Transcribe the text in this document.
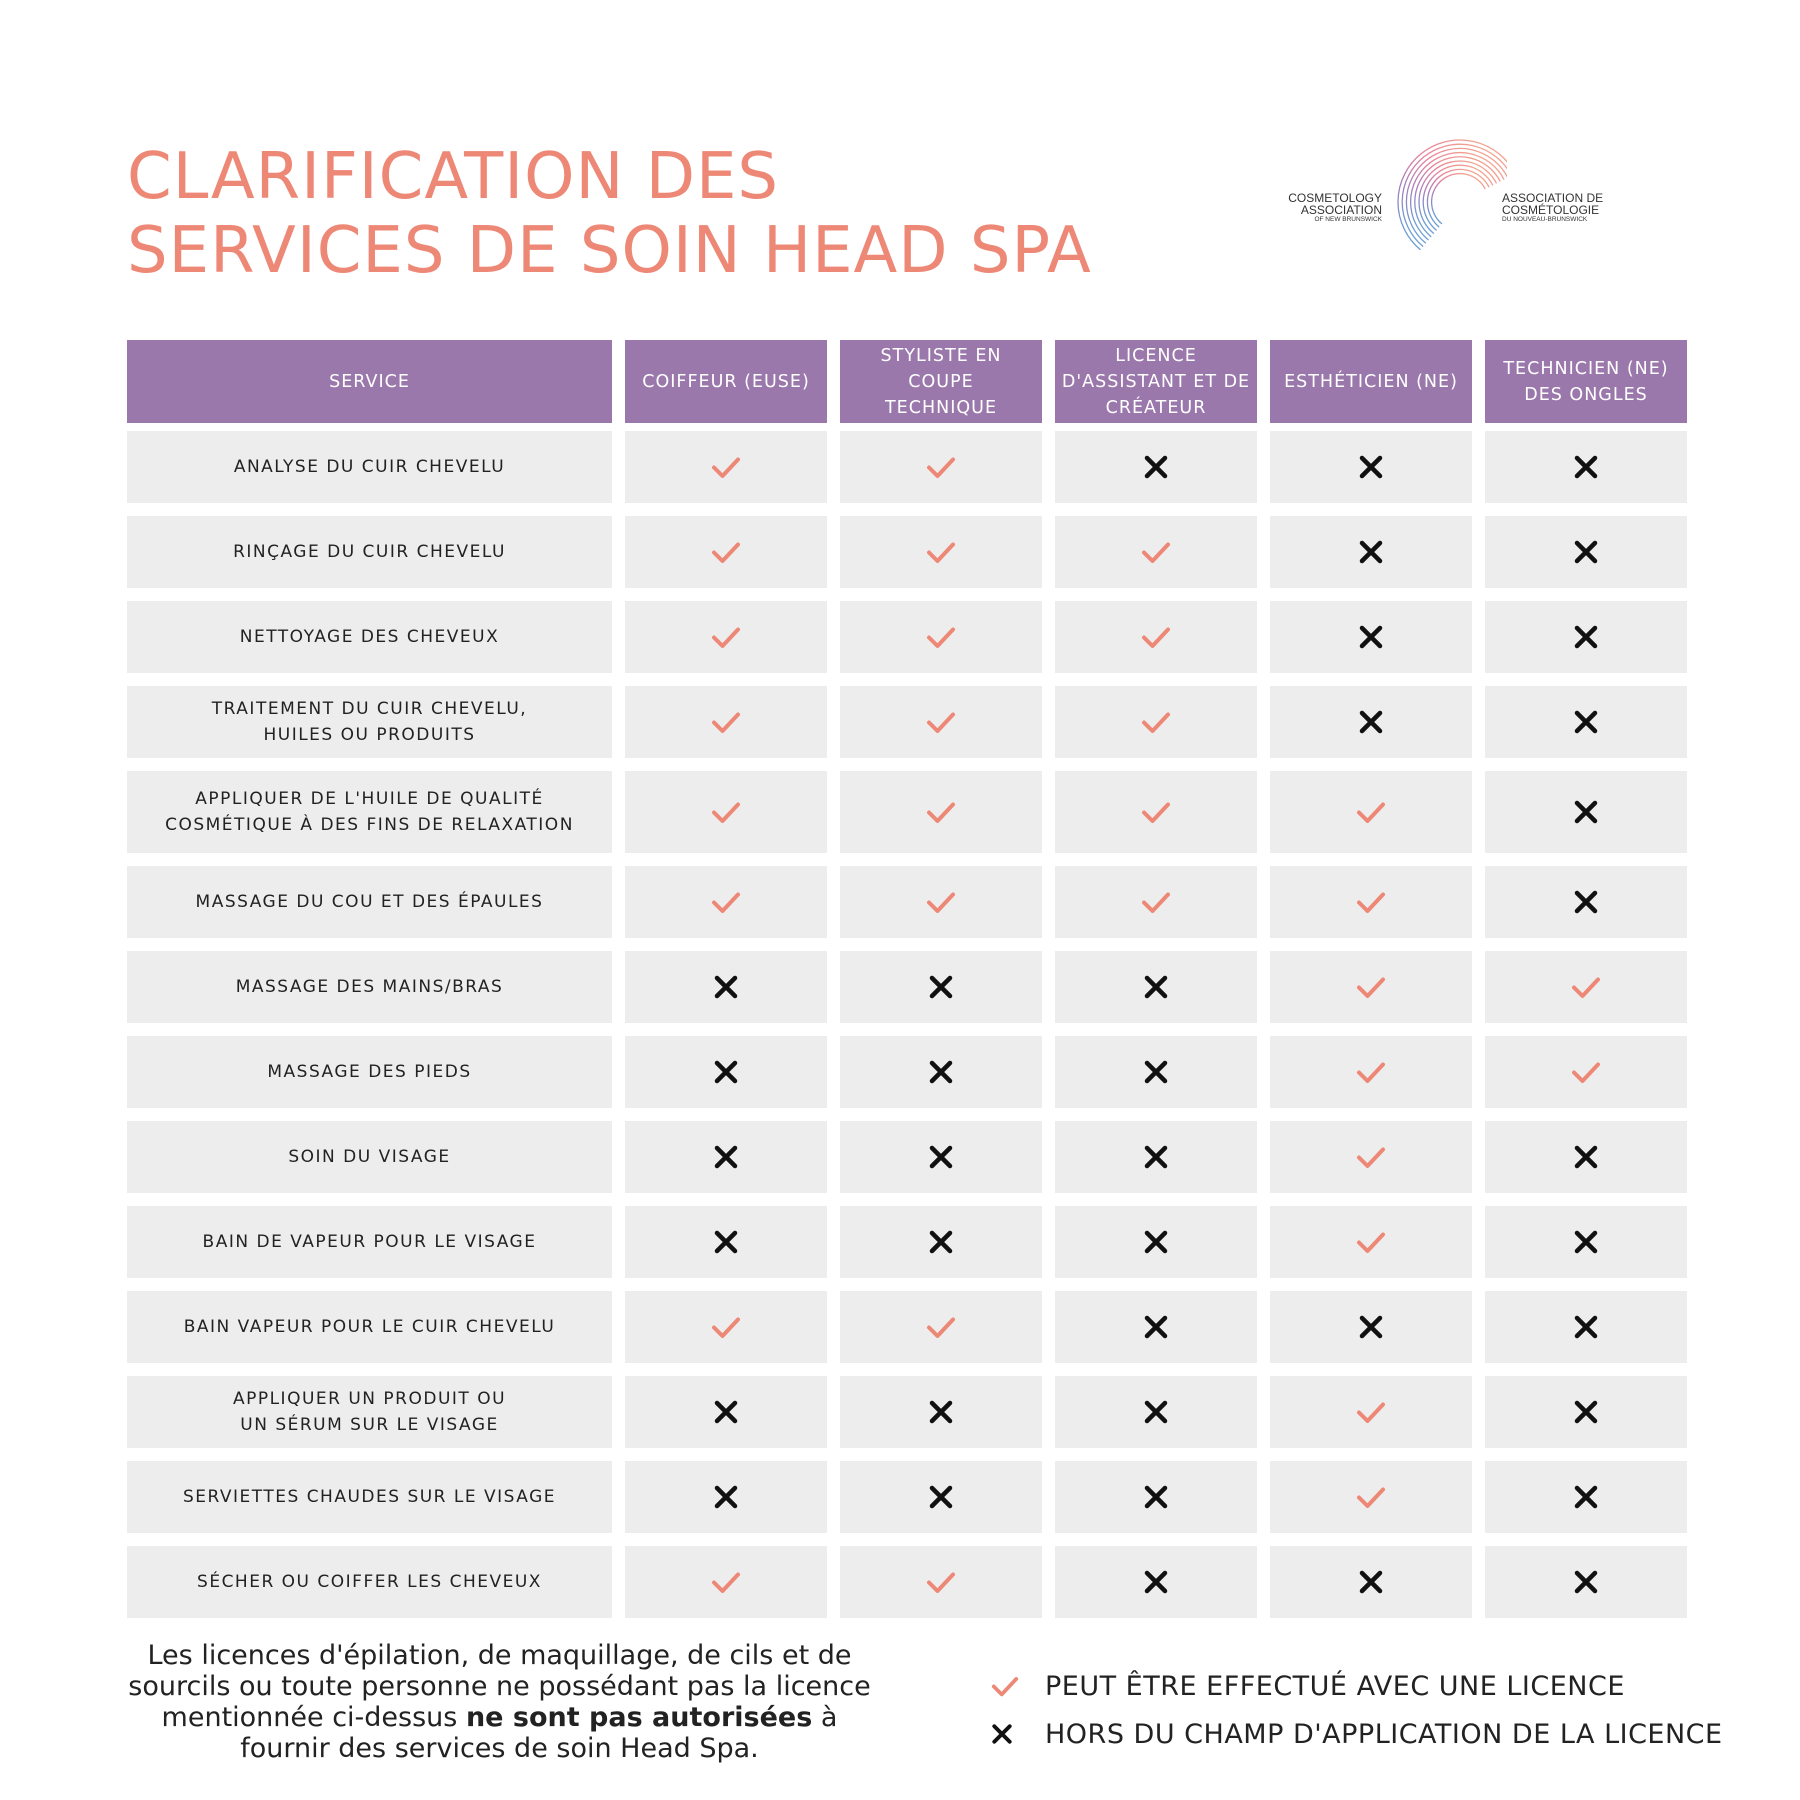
CLARIFICATION DES
SERVICES DE SOIN HEAD SPA
COSMETOLOGY
ASSOCIATION
OF NEW BRUNSWICK
ASSOCIATION DE
COSMÉTOLOGIE
DU NOUVEAU-BRUNSWICK
SERVICE	COIFFEUR (EUSE)
STYLISTE EN
COUPE
TECHNIQUE
LICENCE
D'ASSISTANT ET DE
CRÉATEUR
ESTHÉTICIEN (NE)
TECHNICIEN (NE)
DES ONGLES
ANALYSE DU CUIR CHEVELU
RINÇAGE DU CUIR CHEVELU
NETTOYAGE DES CHEVEUX
TRAITEMENT DU CUIR CHEVELU,
HUILES OU PRODUITS
APPLIQUER DE L'HUILE DE QUALITÉ
COSMÉTIQUE À DES FINS DE RELAXATION
MASSAGE DU COU ET DES ÉPAULES
MASSAGE DES MAINS/BRAS
MASSAGE DES PIEDS
SOIN DU VISAGE
BAIN DE VAPEUR POUR LE VISAGE
BAIN VAPEUR POUR LE CUIR CHEVELU
APPLIQUER UN PRODUIT OU
UN SÉRUM SUR LE VISAGE
SERVIETTES CHAUDES SUR LE VISAGE
SÉCHER OU COIFFER LES CHEVEUX

Les licences d'épilation, de maquillage, de cils et de sourcils ou toute personne ne possédant pas la licence mentionnée ci-dessus ne sont pas autorisées à fournir des services de soin Head Spa.

PEUT ÊTRE EFFECTUÉ AVEC UNE LICENCE
HORS DU CHAMP D'APPLICATION DE LA LICENCE
